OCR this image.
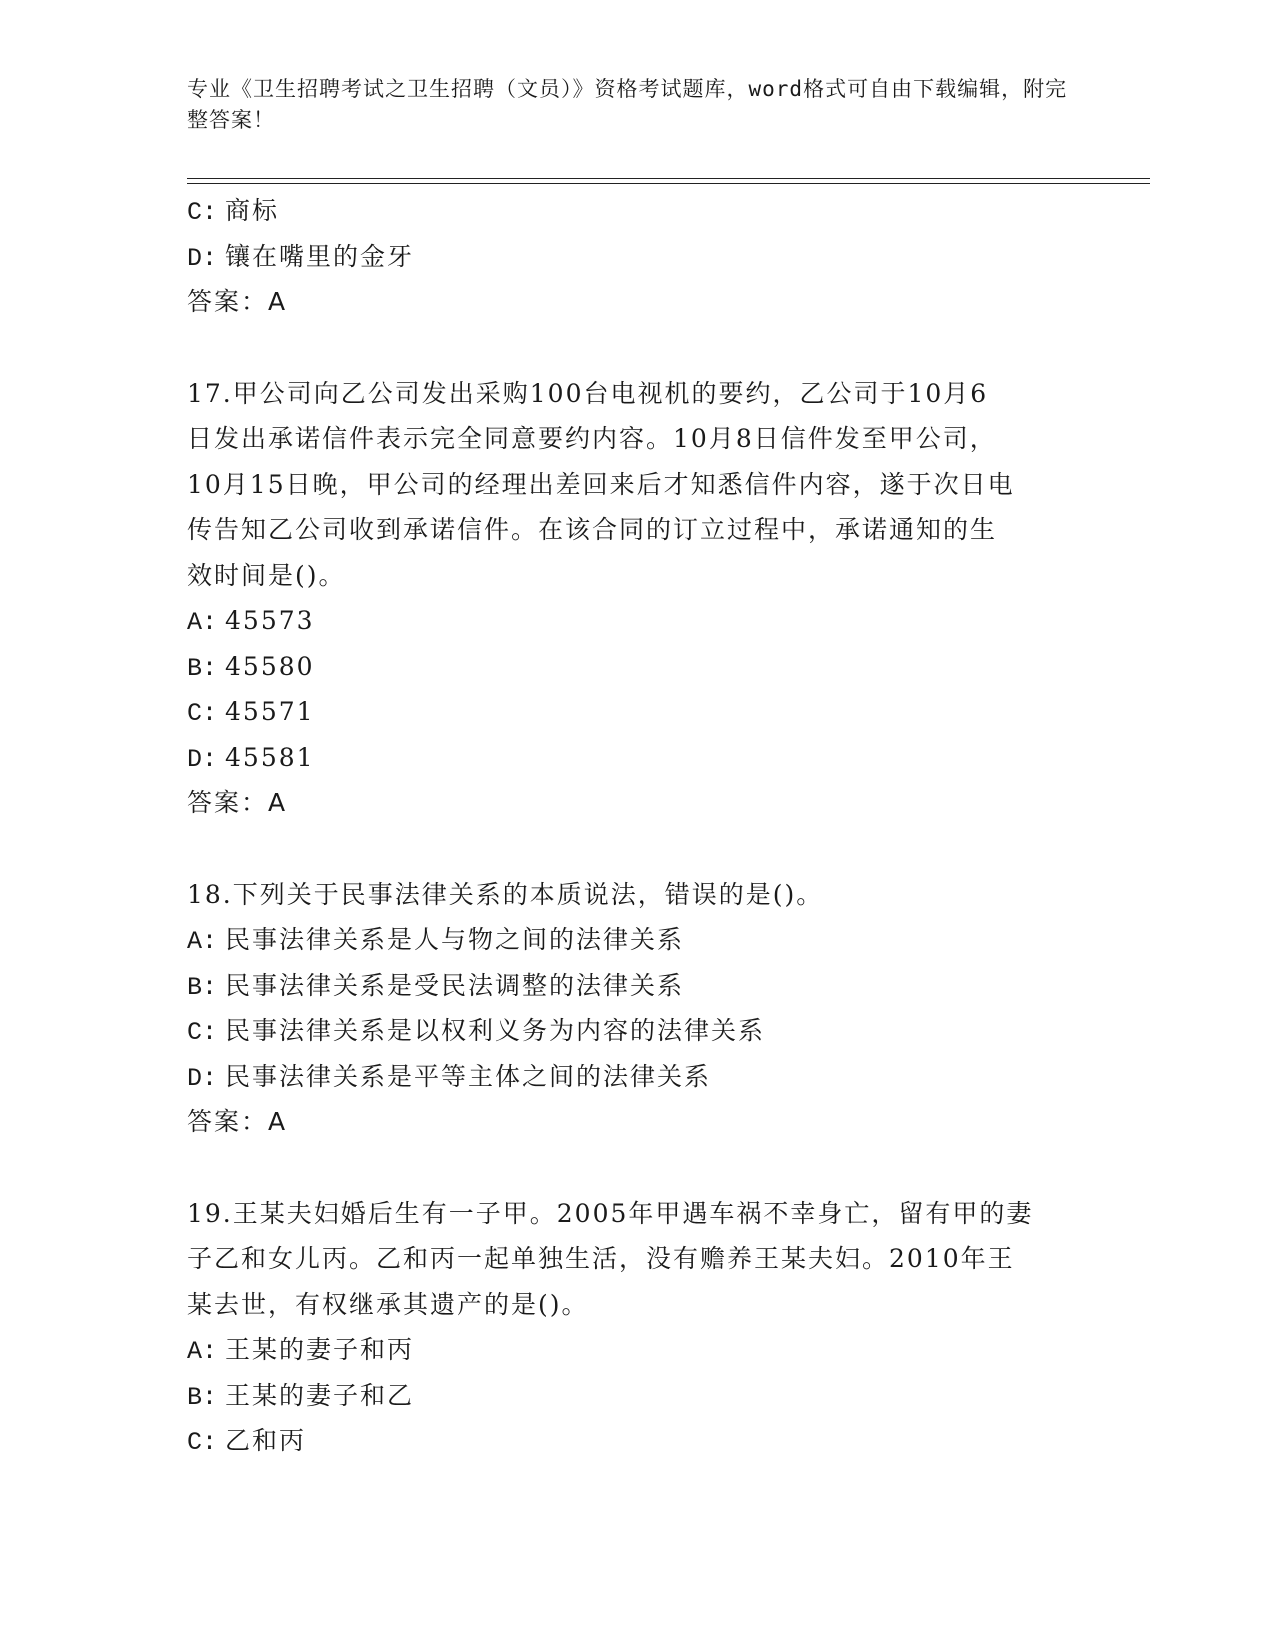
专业《卫生招聘考试之卫生招聘（文员）》资格考试题库，word格式可自由下载编辑，附完整答案！
C: 商标
D: 镶在嘴里的金牙
答案：A
17.甲公司向乙公司发出采购100台电视机的要约，乙公司于10月6
日发出承诺信件表示完全同意要约内容。10月8日信件发至甲公司，
10月15日晚，甲公司的经理出差回来后才知悉信件内容，遂于次日电
传告知乙公司收到承诺信件。在该合同的订立过程中，承诺通知的生
效时间是()。
A: 45573
B: 45580
C: 45571
D: 45581
答案：A
18.下列关于民事法律关系的本质说法，错误的是()。
A: 民事法律关系是人与物之间的法律关系
B: 民事法律关系是受民法调整的法律关系
C: 民事法律关系是以权利义务为内容的法律关系
D: 民事法律关系是平等主体之间的法律关系
答案：A
19.王某夫妇婚后生有一子甲。2005年甲遇车祸不幸身亡，留有甲的妻
子乙和女儿丙。乙和丙一起单独生活，没有赡养王某夫妇。2010年王
某去世，有权继承其遗产的是()。
A: 王某的妻子和丙
B: 王某的妻子和乙
C: 乙和丙
